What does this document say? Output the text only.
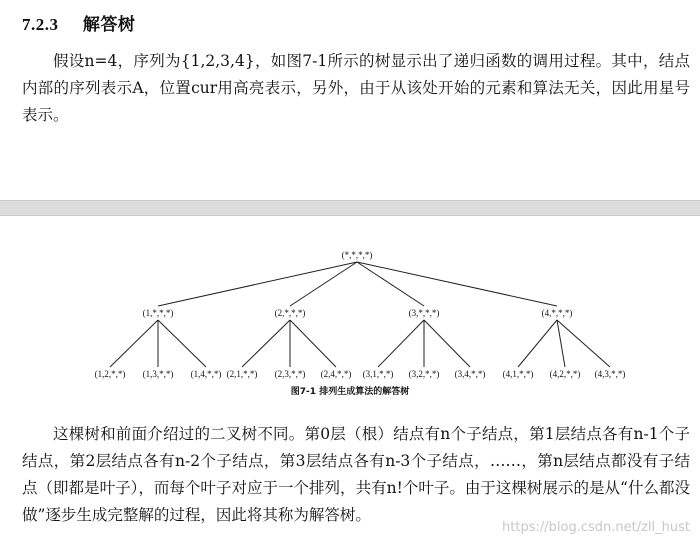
7.2.3 解答树

假设n=4，序列为{1,2,3,4}，如图7-1所示的树显示出了递归函数的调用过程。其中，结点内部的序列表示A，位置cur用高亮表示，另外，由于从该处开始的元素和算法无关，因此用星号表示。

(*,*,*,*)
(1,*,*,*)	(2,*,*,*)	(3,*,*,*)	(4,*,*,*)
(1,2,*,*) (1,3,*,*) (1,4,*,*) (2,1,*,*) (2,3,*,*) (2,4,*,*) (3,1,*,*) (3,2,*,*) (3,4,*,*) (4,1,*,*) (4,2,*,*) (4,3,*,*)
图7-1 排列生成算法的解答树

这棵树和前面介绍过的二叉树不同。第0层（根）结点有n个子结点，第1层结点各有n-1个子结点，第2层结点各有n-2个子结点，第3层结点各有n-3个子结点，……，第n层结点都没有子结点（即都是叶子），而每个叶子对应于一个排列，共有n!个叶子。由于这棵树展示的是从“什么都没做”逐步生成完整解的过程，因此将其称为解答树。

https://blog.csdn.net/zll_hust
